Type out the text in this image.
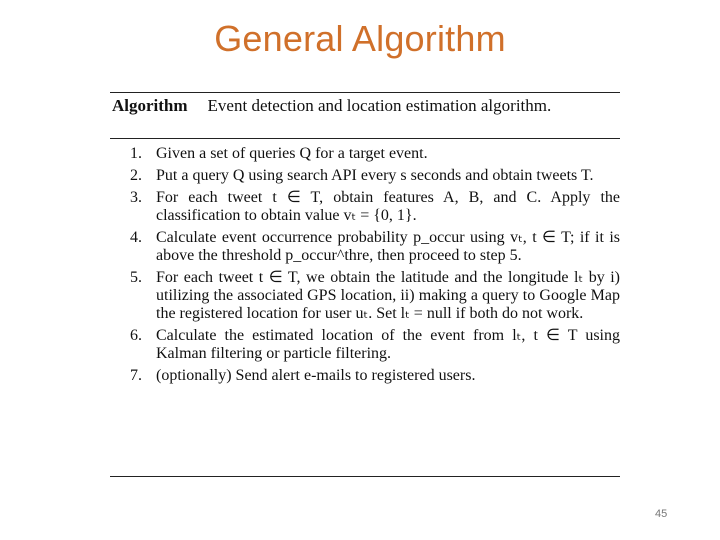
General Algorithm
Algorithm Event detection and location estimation algorithm.
1. Given a set of queries Q for a target event.
2. Put a query Q using search API every s seconds and obtain tweets T.
3. For each tweet t ∈ T, obtain features A, B, and C. Apply the classification to obtain value vₜ = {0, 1}.
4. Calculate event occurrence probability p_occur using vₜ, t ∈ T; if it is above the threshold p_occur^thre, then proceed to step 5.
5. For each tweet t ∈ T, we obtain the latitude and the longitude lₜ by i) utilizing the associated GPS location, ii) making a query to Google Map the registered location for user uₜ. Set lₜ = null if both do not work.
6. Calculate the estimated location of the event from lₜ, t ∈ T using Kalman filtering or particle filtering.
7. (optionally) Send alert e-mails to registered users.
45
